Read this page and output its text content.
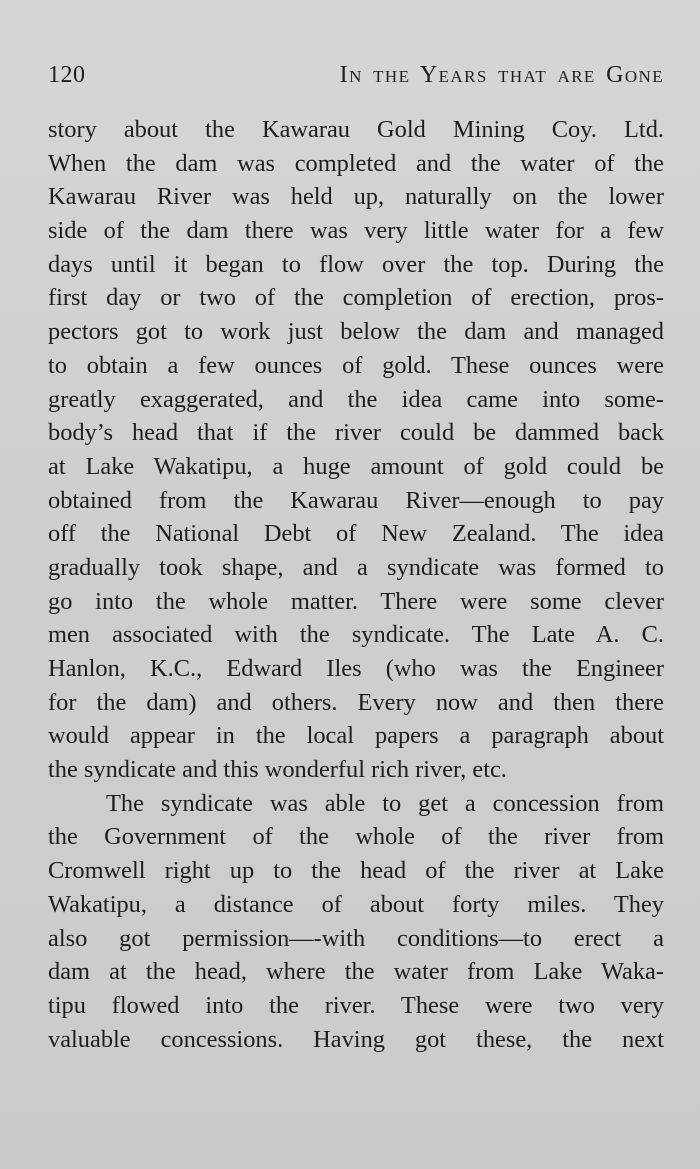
120	In the Years that are Gone
story about the Kawarau Gold Mining Coy. Ltd.
When the dam was completed and the water of the
Kawarau River was held up, naturally on the lower
side of the dam there was very little water for a few
days until it began to flow over the top. During the
first day or two of the completion of erection, pros-
pectors got to work just below the dam and managed
to obtain a few ounces of gold. These ounces were
greatly exaggerated, and the idea came into some-
body’s head that if the river could be dammed back
at Lake Wakatipu, a huge amount of gold could be
obtained from the Kawarau River—enough to pay
off the National Debt of New Zealand. The idea
gradually took shape, and a syndicate was formed to
go into the whole matter. There were some clever
men associated with the syndicate. The Late A. C.
Hanlon, K.C., Edward Iles (who was the Engineer
for the dam) and others. Every now and then there
would appear in the local papers a paragraph about
the syndicate and this wonderful rich river, etc.
The syndicate was able to get a concession from
the Government of the whole of the river from
Cromwell right up to the head of the river at Lake
Wakatipu, a distance of about forty miles. They
also got permission—-with conditions—to erect a
dam at the head, where the water from Lake Waka-
tipu flowed into the river. These were two very
valuable concessions. Having got these, the next
